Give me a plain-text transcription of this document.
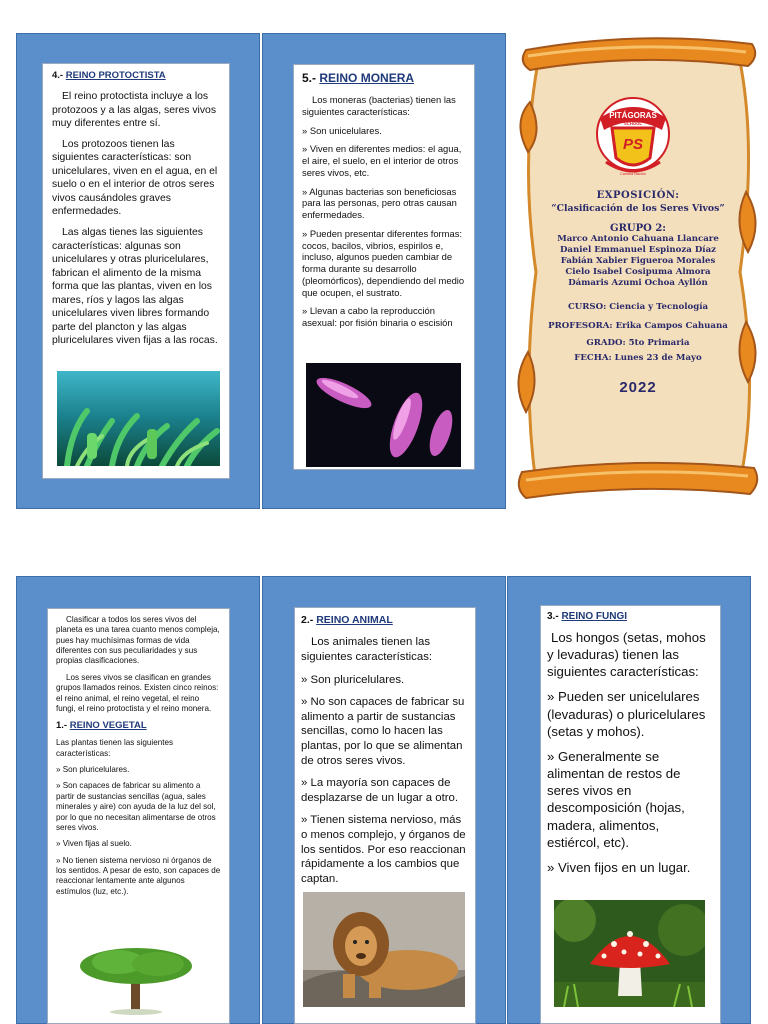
4.- REINO PROTOCTISTA

El reino protoctista incluye a los protozoos y a las algas, seres vivos muy diferentes entre sí.

Los protozoos tienen las siguientes características: son unicelulares, viven en el agua, en el suelo o en el interior de otros seres vivos causándoles graves enfermedades.

Las algas tienes las siguientes características: algunas son unicelulares y otras pluricelulares, fabrican el alimento de la misma forma que las plantas, viven en los mares, ríos y lagos las algas unicelulares viven libres formando parte del plancton y las algas pluricelulares viven fijas a las rocas.

5.- REINO MONERA

Los moneras (bacterias) tienen las siguientes características:

» Son unicelulares.

» Viven en diferentes medios: el agua, el aire, el suelo, en el interior de otros seres vivos, etc.

» Algunas bacterias son beneficiosas para las personas, pero otras causan enfermedades.

» Pueden presentar diferentes formas: cocos, bacilos, vibrios, espirilos e, incluso, algunos pueden cambiar de forma durante su desarrollo (pleomórficos), dependiendo del medio que ocupen, el sustrato.

» Llevan a cabo la reproducción asexual: por fisión binaria o escisión

Colegio Particular
PITÁGORAS
SCHOOL
PS
Cambia Nación
EXPOSICIÓN:
“Clasificación de los Seres Vivos”
GRUPO 2:
Marco Antonio Cahuana Llancare
Daniel Emmanuel Espinoza Díaz
Fabián Xabier Figueroa Morales
Cielo Isabel Cosipuma Almora
Dámaris Azumi Ochoa Ayllón
CURSO: Ciencia y Tecnología
PROFESORA: Erika Campos Cahuana
GRADO: 5to Primaria
FECHA: Lunes 23 de Mayo
2022

Clasificar a todos los seres vivos del planeta es una tarea cuanto menos compleja, pues hay muchísimas formas de vida diferentes con sus peculiaridades y sus propias clasificaciones.

Los seres vivos se clasifican en grandes grupos llamados reinos. Existen cinco reinos: el reino animal, el reino vegetal, el reino fungi, el reino protoctista y el reino monera.

1.- REINO VEGETAL

Las plantas tienen las siguientes características:

» Son pluricelulares.

» Son capaces de fabricar su alimento a partir de sustancias sencillas (agua, sales minerales y aire) con ayuda de la luz del sol, por lo que no necesitan alimentarse de otros seres vivos.

» Viven fijas al suelo.

» No tienen sistema nervioso ni órganos de los sentidos. A pesar de esto, son capaces de reaccionar lentamente ante algunos estímulos (luz, etc.).

2.- REINO ANIMAL

Los animales tienen las siguientes características:

» Son pluricelulares.

» No son capaces de fabricar su alimento a partir de sustancias sencillas, como lo hacen las plantas, por lo que se alimentan de otros seres vivos.

» La mayoría son capaces de desplazarse de un lugar a otro.

» Tienen sistema nervioso, más o menos complejo, y órganos de los sentidos. Por eso reaccionan rápidamente a los cambios que captan.

3.- REINO FUNGI

Los hongos (setas, mohos y levaduras) tienen las siguientes características:

» Pueden ser unicelulares (levaduras) o pluricelulares (setas y mohos).

» Generalmente se alimentan de restos de seres vivos en descomposición (hojas, madera, alimentos, estiércol, etc).

» Viven fijos en un lugar.
